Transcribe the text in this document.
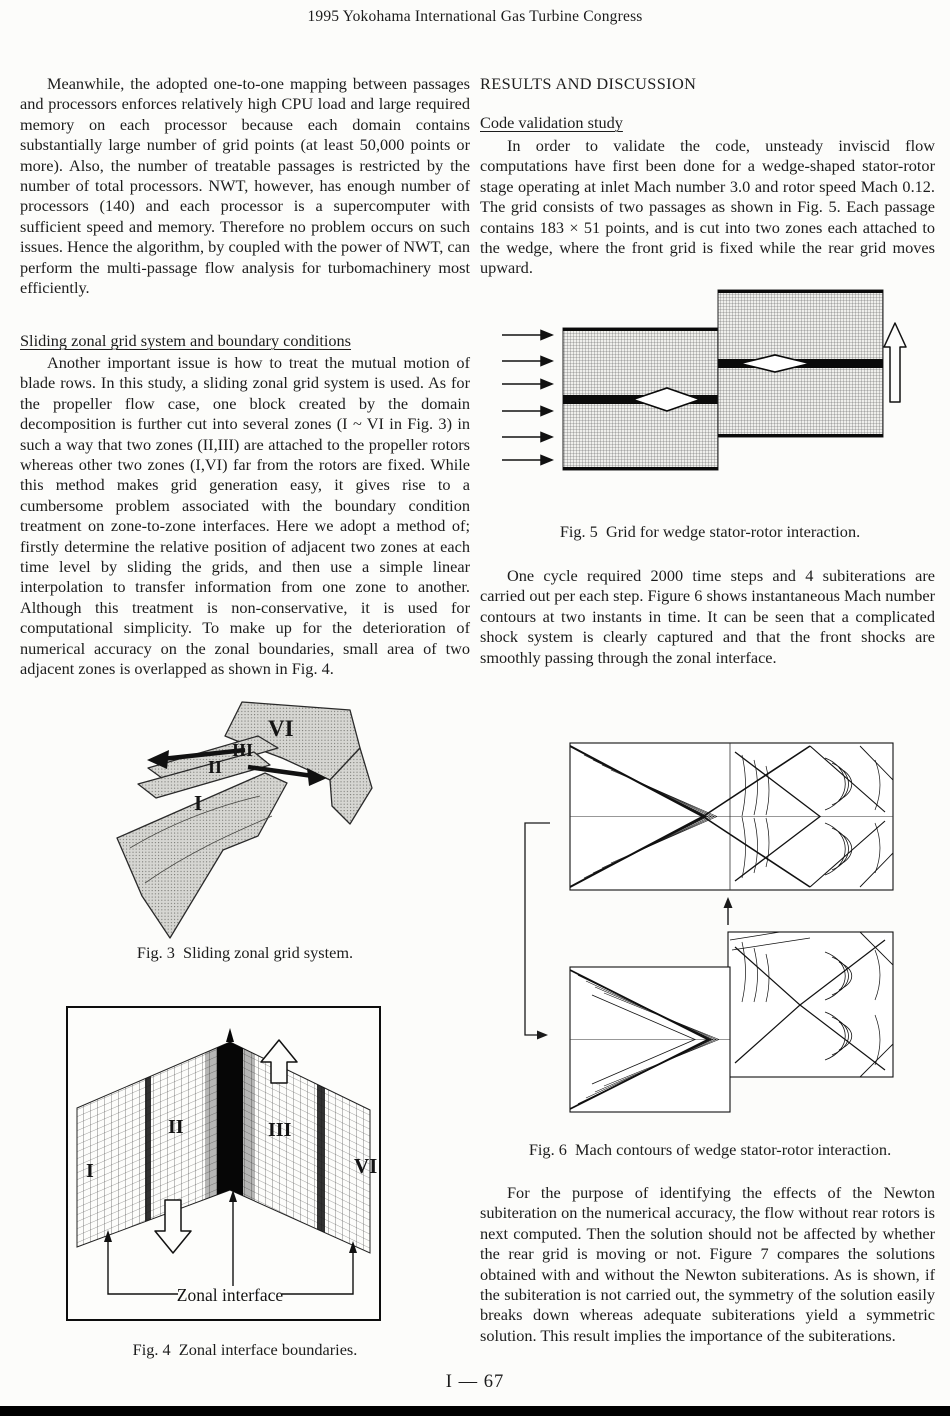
1995 Yokohama International Gas Turbine Congress
Meanwhile, the adopted one-to-one mapping between passages and processors enforces relatively high CPU load and large required memory on each processor because each domain contains substantially large number of grid points (at least 50,000 points or more). Also, the number of treatable passages is restricted by the number of total processors. NWT, however, has enough number of processors (140) and each processor is a supercomputer with sufficient speed and memory. Therefore no problem occurs on such issues. Hence the algorithm, by coupled with the power of NWT, can perform the multi-passage flow analysis for turbomachinery most efficiently.
Sliding zonal grid system and boundary conditions
Another important issue is how to treat the mutual motion of blade rows. In this study, a sliding zonal grid system is used. As for the propeller flow case, one block created by the domain decomposition is further cut into several zones (I ~ VI in Fig. 3) in such a way that two zones (II,III) are attached to the propeller rotors whereas other two zones (I,VI) far from the rotors are fixed. While this method makes grid generation easy, it gives rise to a cumbersome problem associated with the boundary condition treatment on zone-to-zone interfaces. Here we adopt a method of; firstly determine the relative position of adjacent two zones at each time level by sliding the grids, and then use a simple linear interpolation to transfer information from one zone to another. Although this treatment is non-conservative, it is used for computational simplicity. To make up for the deterioration of numerical accuracy on the zonal boundaries, small area of two adjacent zones is overlapped as shown in Fig. 4.
VI
III
II
I
Fig. 3  Sliding zonal grid system.
I
II	III
VI
Zonal interface
Fig. 4  Zonal interface boundaries.
RESULTS AND DISCUSSION
Code validation study
In order to validate the code, unsteady inviscid flow computations have first been done for a wedge-shaped stator-rotor stage operating at inlet Mach number 3.0 and rotor speed Mach 0.12. The grid consists of two passages as shown in Fig. 5. Each passage contains 183 × 51 points, and is cut into two zones each attached to the wedge, where the front grid is fixed while the rear grid moves upward.
Fig. 5  Grid for wedge stator-rotor interaction.
One cycle required 2000 time steps and 4 subiterations are carried out per each step. Figure 6 shows instantaneous Mach number contours at two instants in time. It can be seen that a complicated shock system is clearly captured and that the front shocks are smoothly passing through the zonal interface.
Fig. 6  Mach contours of wedge stator-rotor interaction.
For the purpose of identifying the effects of the Newton subiteration on the numerical accuracy, the flow without rear rotors is next computed. Then the solution should not be affected by whether the rear grid is moving or not. Figure 7 compares the solutions obtained with and without the Newton subiterations. As is shown, if the subiteration is not carried out, the symmetry of the solution easily breaks down whereas adequate subiterations yield a symmetric solution. This result implies the importance of the subiterations.
I — 67
